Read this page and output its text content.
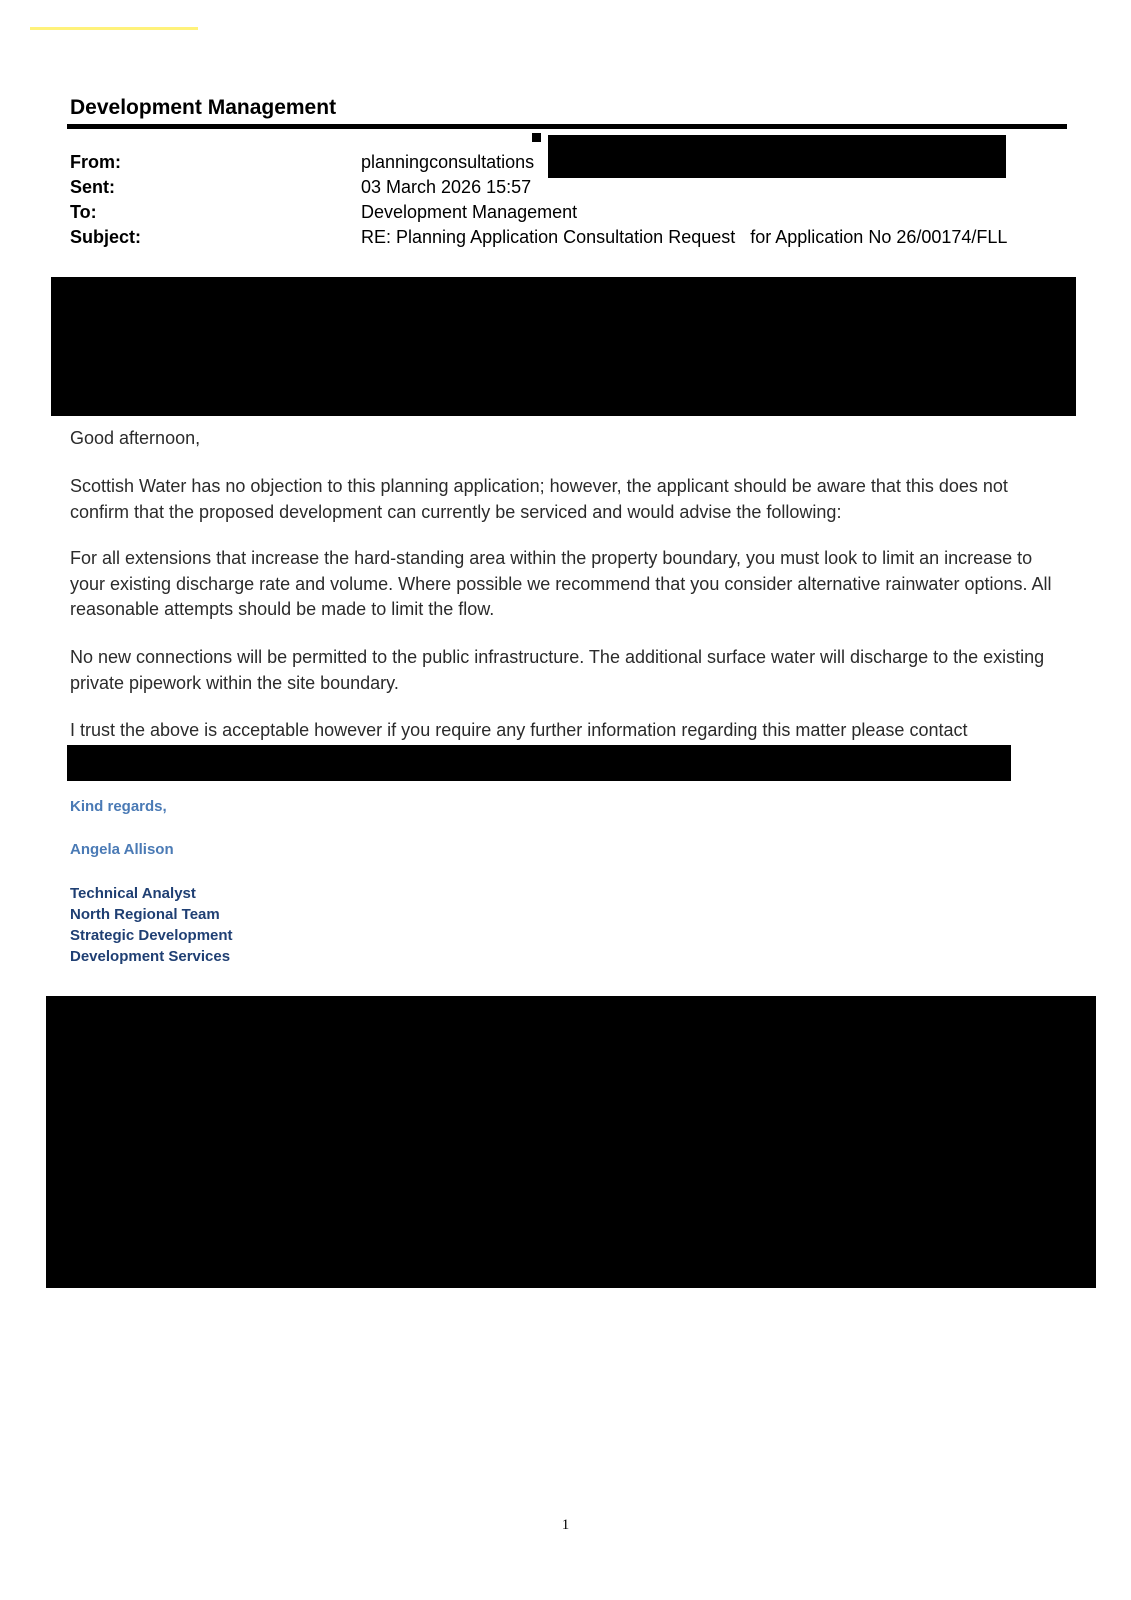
Development Management
From:	planningconsultations
Sent:	03 March 2026 15:57
To:	Development Management
Subject:	RE: Planning Application Consultation Request   for Application No 26/00174/FLL
Good afternoon,
Scottish Water has no objection to this planning application; however, the applicant should be aware that this does not confirm that the proposed development can currently be serviced and would advise the following:
For all extensions that increase the hard-standing area within the property boundary, you must look to limit an increase to your existing discharge rate and volume. Where possible we recommend that you consider alternative rainwater options. All reasonable attempts should be made to limit the flow.
No new connections will be permitted to the public infrastructure. The additional surface water will discharge to the existing private pipework within the site boundary.
I trust the above is acceptable however if you require any further information regarding this matter please contact
Kind regards,
Angela Allison
Technical Analyst
North Regional Team
Strategic Development
Development Services
1
